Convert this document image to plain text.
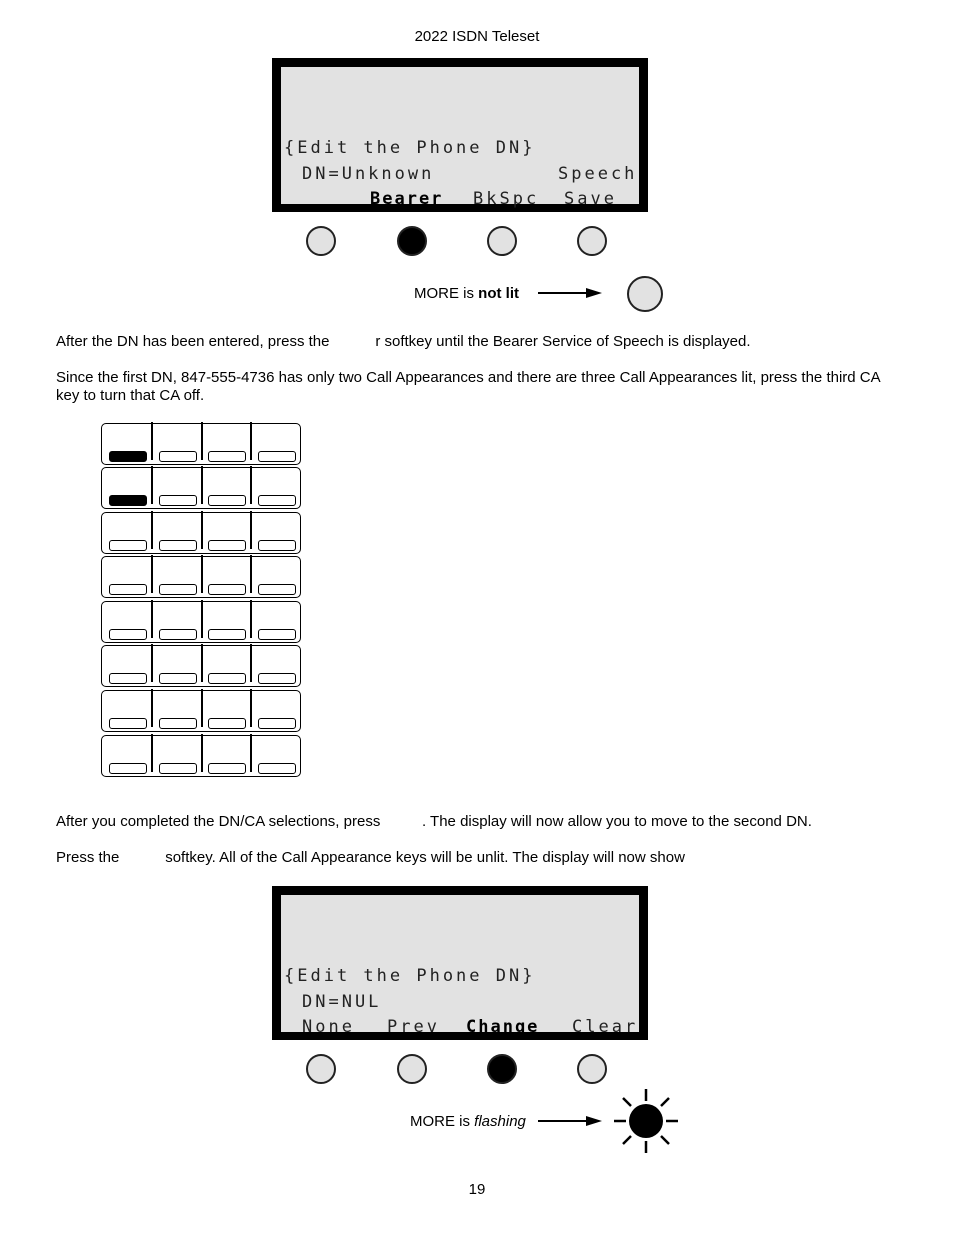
2022 ISDN Teleset
{Edit the Phone DN}
DN=Unknown	Speech
Bearer BkSpc Save
MORE is not lit
After the DN has been entered, press the           r softkey until the Bearer Service of Speech is displayed.
Since the first DN, 847-555-4736 has only two Call Appearances and there are three Call Appearances lit, press the third CA key to turn that CA off.
After you completed the DN/CA selections, press          . The display will now allow you to move to the second DN.
Press the           softkey. All of the Call Appearance keys will be unlit. The display will now show
{Edit the Phone DN}
DN=NUL
None Prev Change Clear
MORE is flashing
19
